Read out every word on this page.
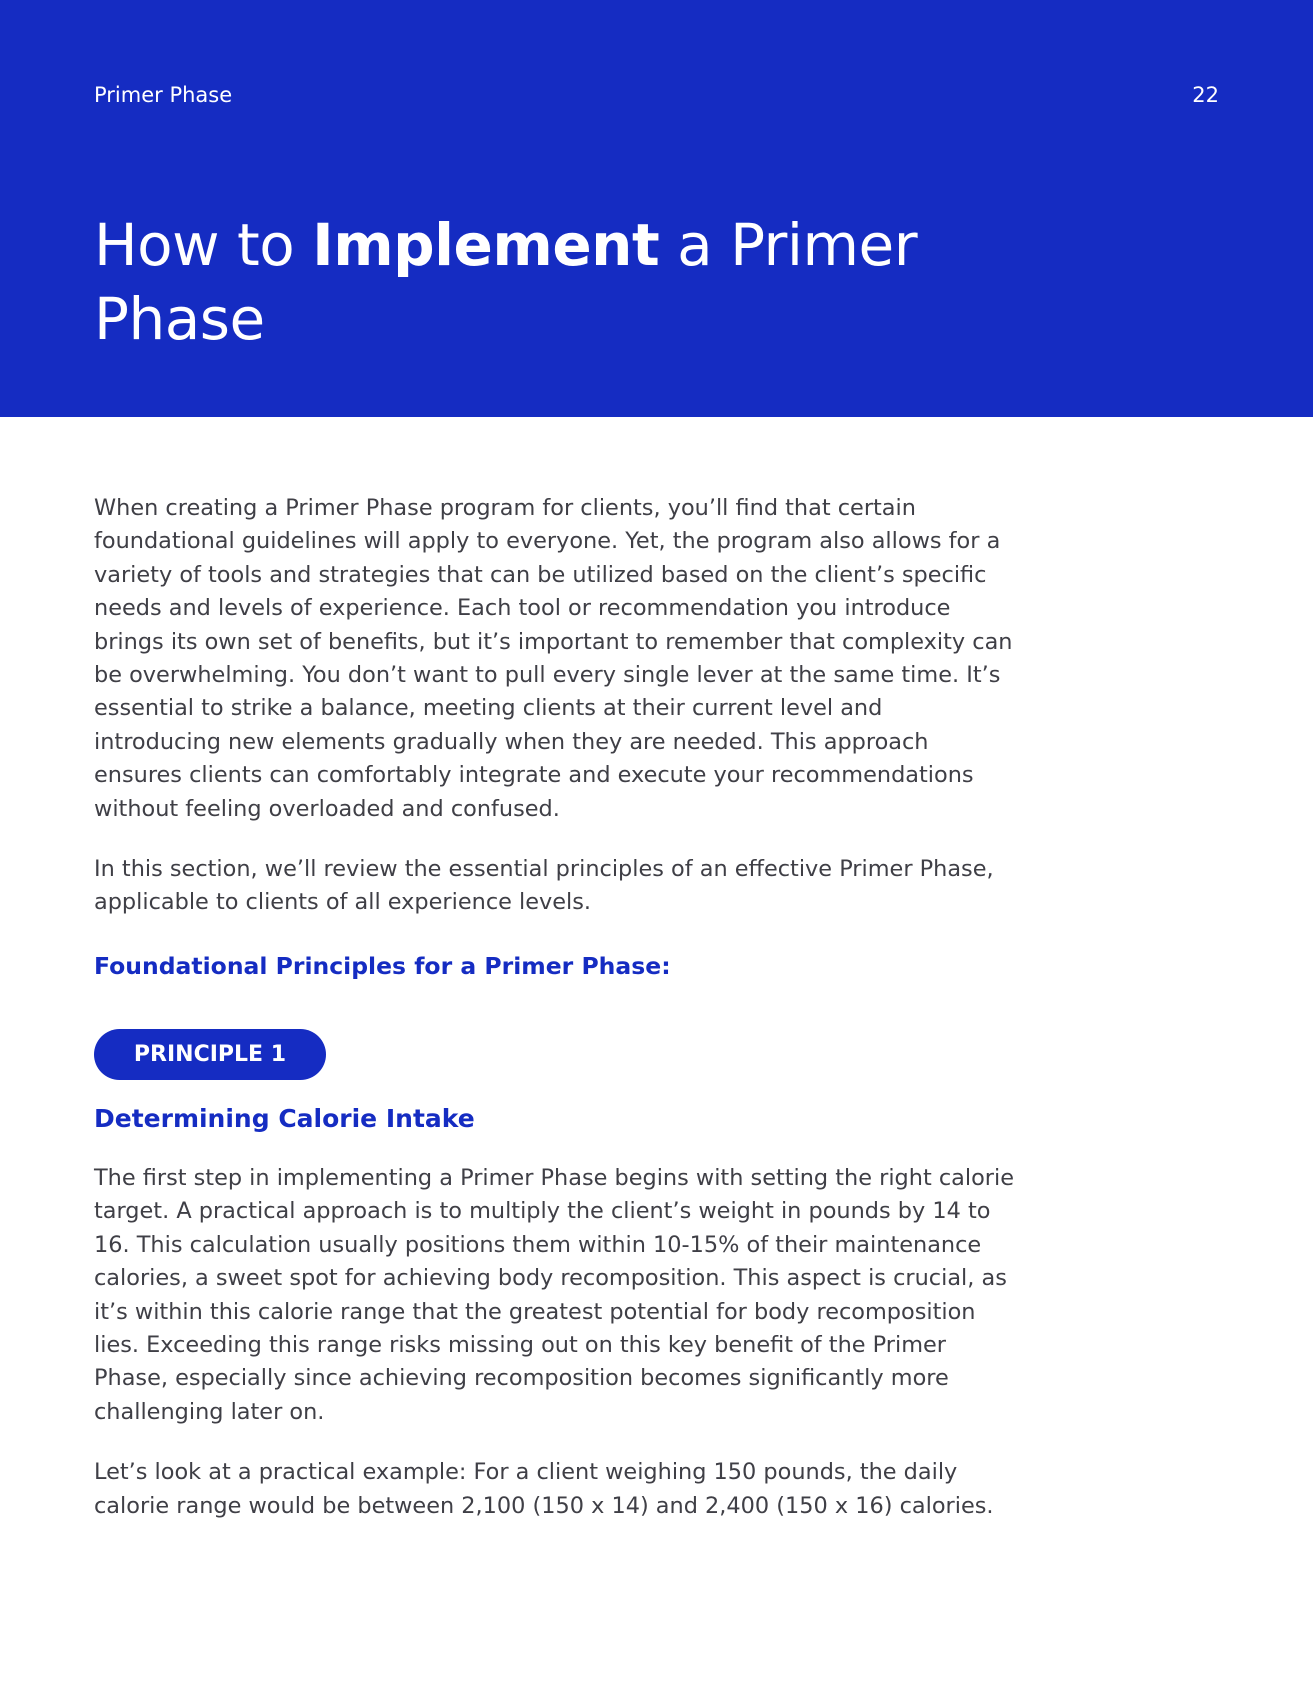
Primer Phase	22
How to Implement a Primer Phase

When creating a Primer Phase program for clients, you’ll find that certain foundational guidelines will apply to everyone. Yet, the program also allows for a variety of tools and strategies that can be utilized based on the client’s specific needs and levels of experience. Each tool or recommendation you introduce brings its own set of benefits, but it’s important to remember that complexity can be overwhelming. You don’t want to pull every single lever at the same time. It’s essential to strike a balance, meeting clients at their current level and introducing new elements gradually when they are needed. This approach ensures clients can comfortably integrate and execute your recommendations without feeling overloaded and confused.

In this section, we’ll review the essential principles of an effective Primer Phase, applicable to clients of all experience levels.

Foundational Principles for a Primer Phase:
PRINCIPLE 1
Determining Calorie Intake

The first step in implementing a Primer Phase begins with setting the right calorie target. A practical approach is to multiply the client’s weight in pounds by 14 to 16. This calculation usually positions them within 10-15% of their maintenance calories, a sweet spot for achieving body recomposition. This aspect is crucial, as it’s within this calorie range that the greatest potential for body recomposition lies. Exceeding this range risks missing out on this key benefit of the Primer Phase, especially since achieving recomposition becomes significantly more challenging later on.

Let’s look at a practical example: For a client weighing 150 pounds, the daily calorie range would be between 2,100 (150 x 14) and 2,400 (150 x 16) calories.
